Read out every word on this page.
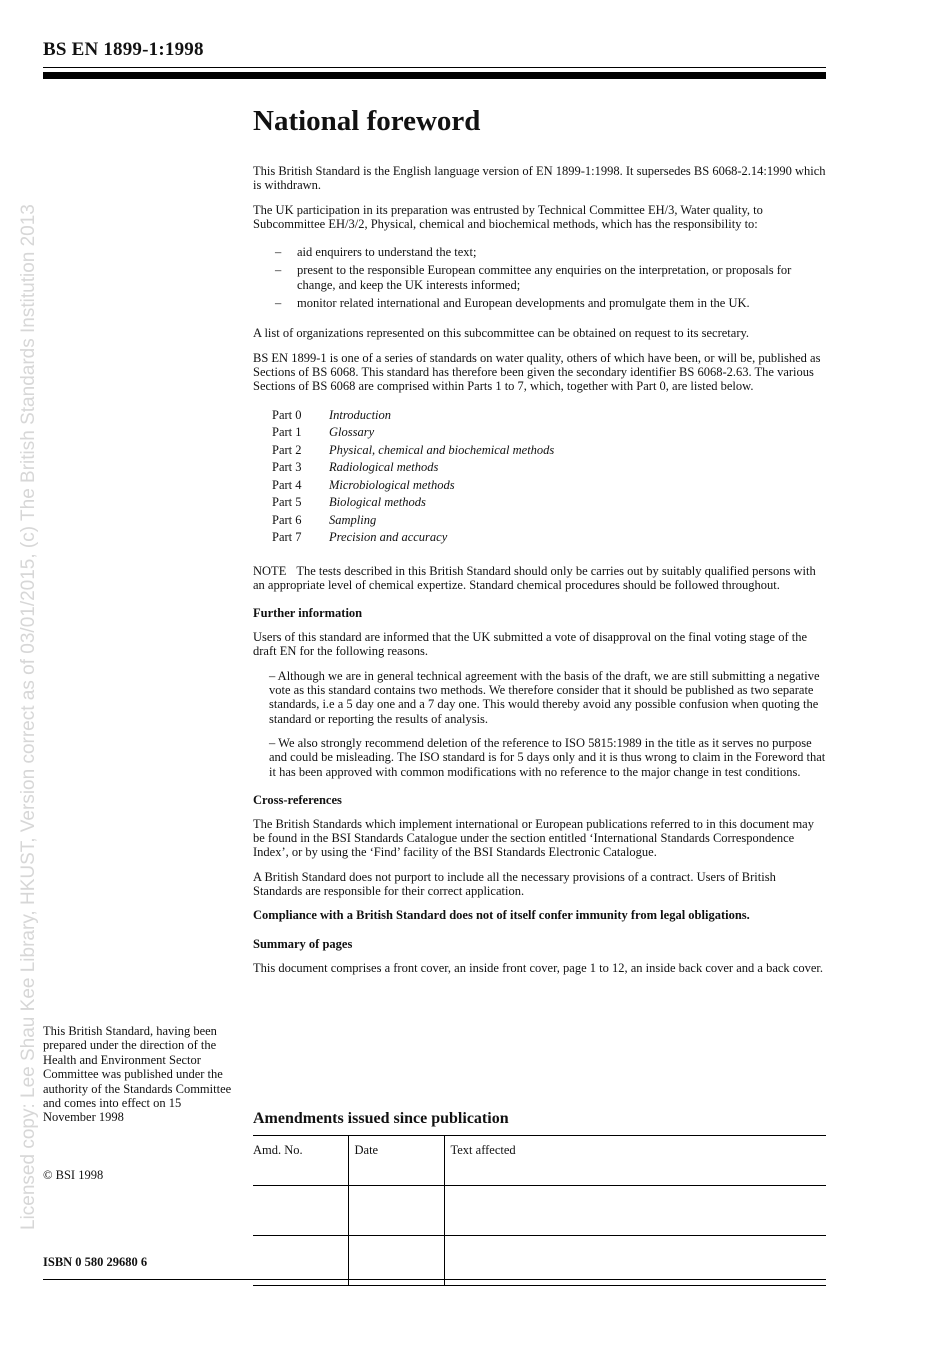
BS EN 1899-1:1998
Licensed copy: Lee Shau Kee Library, HKUST, Version correct as of 03/01/2015, (c) The British Standards Institution 2013
National foreword

This British Standard is the English language version of EN 1899-1:1998. It supersedes BS 6068-2.14:1990 which is withdrawn.

The UK participation in its preparation was entrusted by Technical Committee EH/3, Water quality, to Subcommittee EH/3/2, Physical, chemical and biochemical methods, which has the responsibility to:

– aid enquirers to understand the text;
– present to the responsible European committee any enquiries on the interpretation, or proposals for change, and keep the UK interests informed;
– monitor related international and European developments and promulgate them in the UK.

A list of organizations represented on this subcommittee can be obtained on request to its secretary.

BS EN 1899-1 is one of a series of standards on water quality, others of which have been, or will be, published as Sections of BS 6068. This standard has therefore been given the secondary identifier BS 6068-2.63. The various Sections of BS 6068 are comprised within Parts 1 to 7, which, together with Part 0, are listed below.

Part 0	Introduction
Part 1	Glossary
Part 2	Physical, chemical and biochemical methods
Part 3	Radiological methods
Part 4	Microbiological methods
Part 5	Biological methods
Part 6	Sampling
Part 7	Precision and accuracy

NOTE The tests described in this British Standard should only be carries out by suitably qualified persons with an appropriate level of chemical expertize. Standard chemical procedures should be followed throughout.

Further information

Users of this standard are informed that the UK submitted a vote of disapproval on the final voting stage of the draft EN for the following reasons.

– Although we are in general technical agreement with the basis of the draft, we are still submitting a negative vote as this standard contains two methods. We therefore consider that it should be published as two separate standards, i.e a 5 day one and a 7 day one. This would thereby avoid any possible confusion when quoting the standard or reporting the results of analysis.

– We also strongly recommend deletion of the reference to ISO 5815:1989 in the title as it serves no purpose and could be misleading. The ISO standard is for 5 days only and it is thus wrong to claim in the Foreword that it has been approved with common modifications with no reference to the major change in test conditions.

Cross-references

The British Standards which implement international or European publications referred to in this document may be found in the BSI Standards Catalogue under the section entitled ‘International Standards Correspondence Index’, or by using the ‘Find’ facility of the BSI Standards Electronic Catalogue.

A British Standard does not purport to include all the necessary provisions of a contract. Users of British Standards are responsible for their correct application.

Compliance with a British Standard does not of itself confer immunity from legal obligations.

Summary of pages

This document comprises a front cover, an inside front cover, page 1 to 12, an inside back cover and a back cover.

This British Standard, having been prepared under the direction of the Health and Environment Sector Committee was published under the authority of the Standards Committee and comes into effect on 15 November 1998
© BSI 1998
ISBN 0 580 29680 6
Amendments issued since publication
Amd. No.	Date	Text affected
